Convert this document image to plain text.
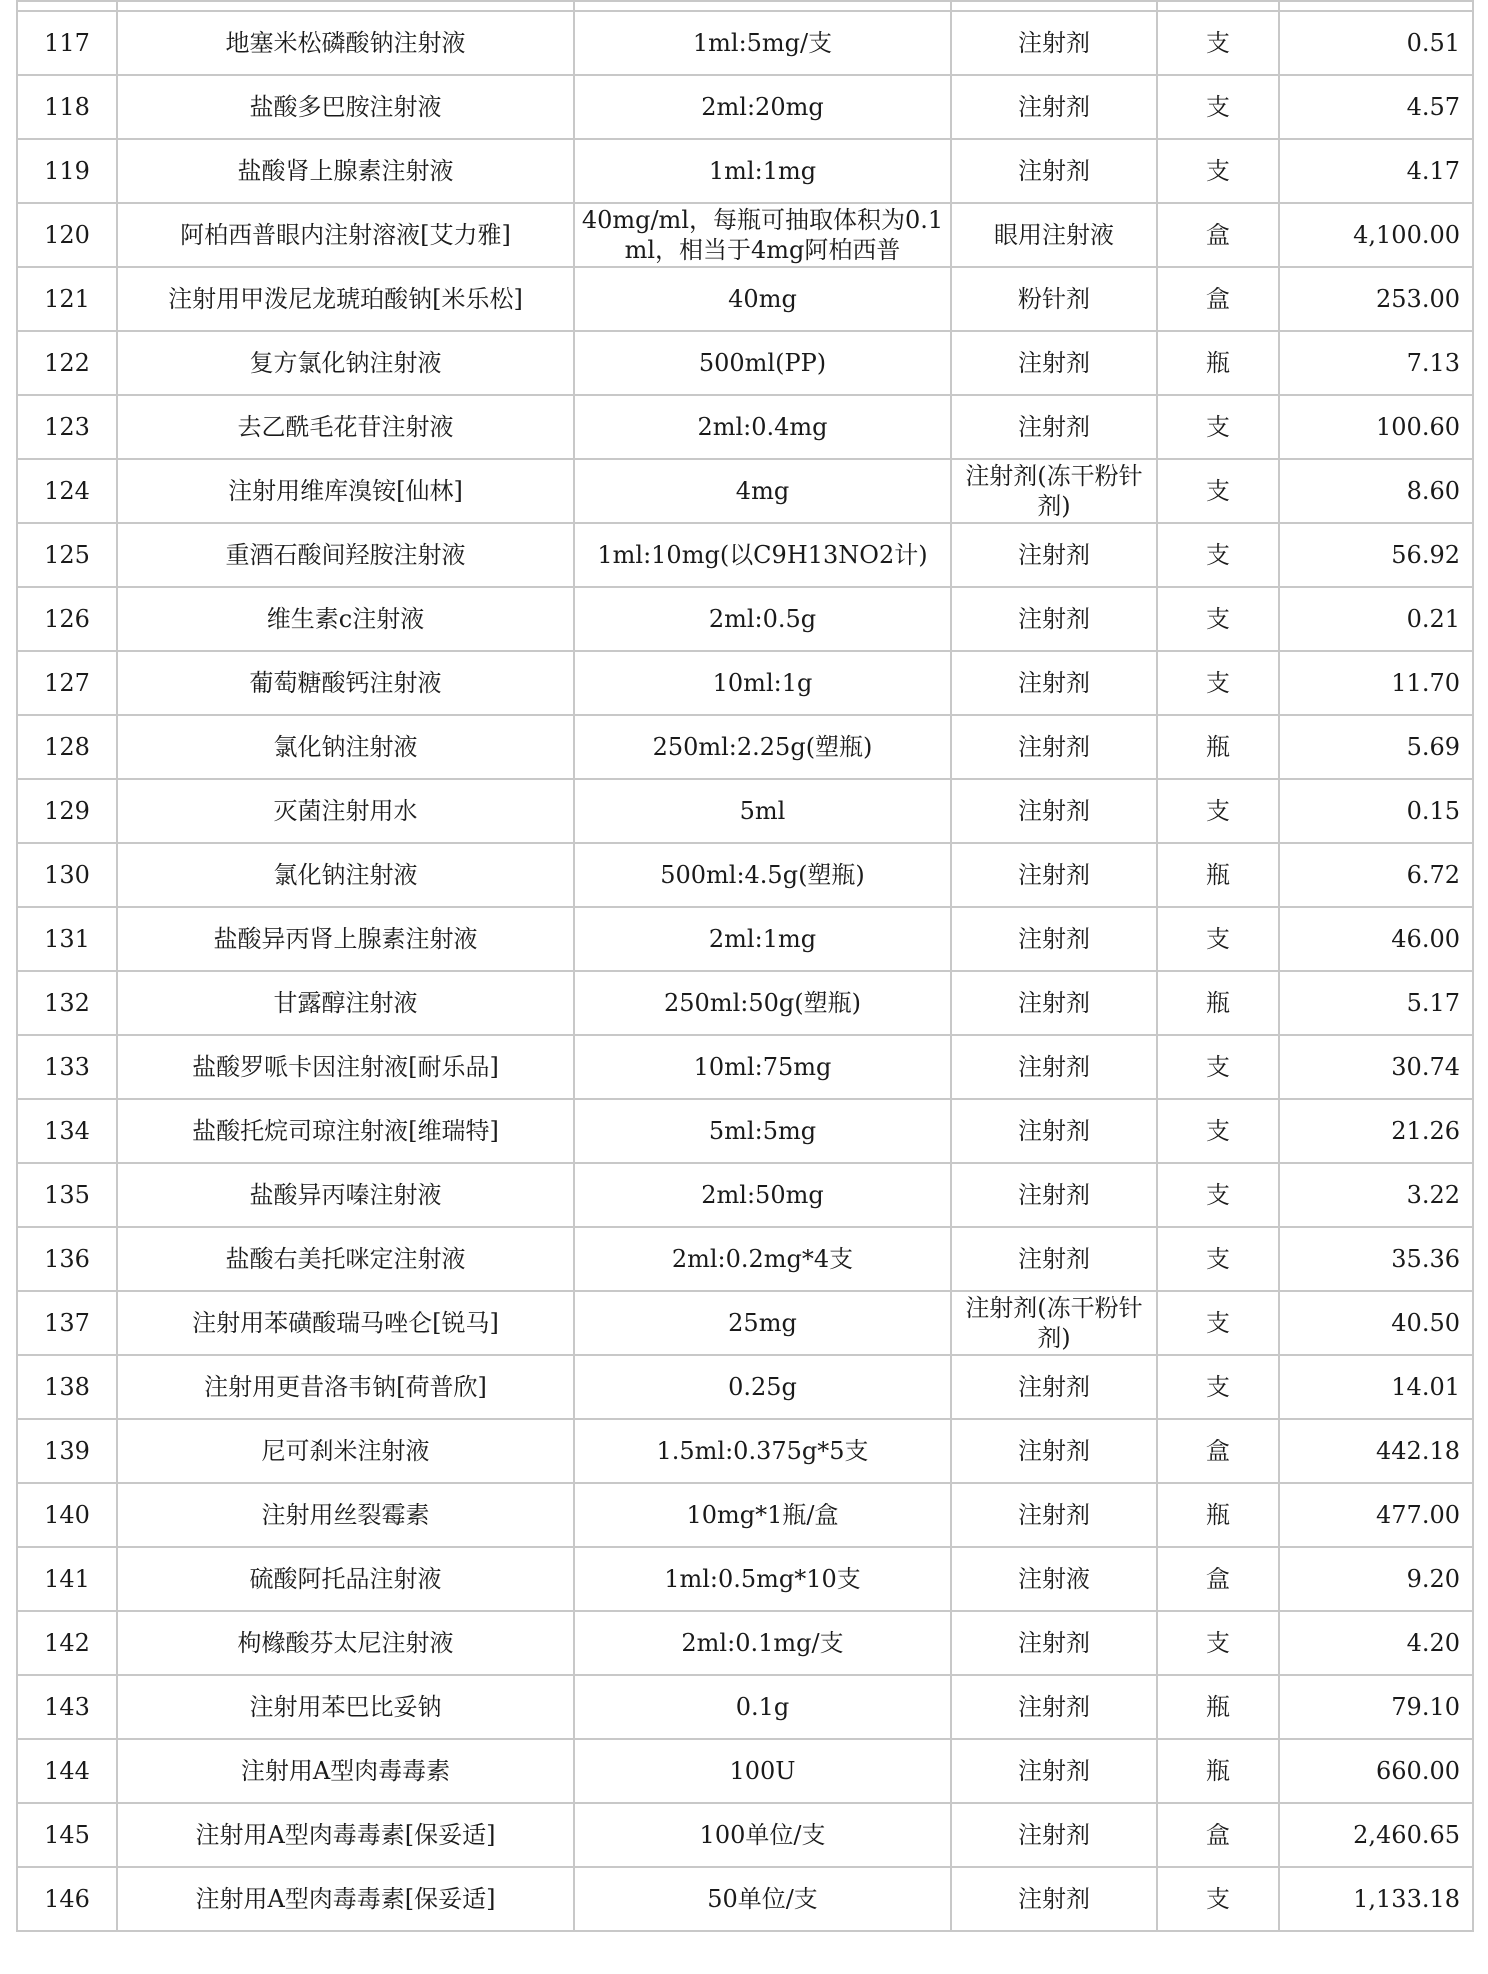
117	地塞米松磷酸钠注射液	1ml:5mg/支	注射剂	支	0.51
118	盐酸多巴胺注射液	2ml:20mg	注射剂	支	4.57
119	盐酸肾上腺素注射液	1ml:1mg	注射剂	支	4.17
120	阿柏西普眼内注射溶液[艾力雅]	40mg/ml，每瓶可抽取体积为0.1ml，相当于4mg阿柏西普	眼用注射液	盒	4,100.00
121	注射用甲泼尼龙琥珀酸钠[米乐松]	40mg	粉针剂	盒	253.00
122	复方氯化钠注射液	500ml(PP)	注射剂	瓶	7.13
123	去乙酰毛花苷注射液	2ml:0.4mg	注射剂	支	100.60
124	注射用维库溴铵[仙林]	4mg	注射剂(冻干粉针剂)	支	8.60
125	重酒石酸间羟胺注射液	1ml:10mg(以C9H13NO2计)	注射剂	支	56.92
126	维生素c注射液	2ml:0.5g	注射剂	支	0.21
127	葡萄糖酸钙注射液	10ml:1g	注射剂	支	11.70
128	氯化钠注射液	250ml:2.25g(塑瓶)	注射剂	瓶	5.69
129	灭菌注射用水	5ml	注射剂	支	0.15
130	氯化钠注射液	500ml:4.5g(塑瓶)	注射剂	瓶	6.72
131	盐酸异丙肾上腺素注射液	2ml:1mg	注射剂	支	46.00
132	甘露醇注射液	250ml:50g(塑瓶)	注射剂	瓶	5.17
133	盐酸罗哌卡因注射液[耐乐品]	10ml:75mg	注射剂	支	30.74
134	盐酸托烷司琼注射液[维瑞特]	5ml:5mg	注射剂	支	21.26
135	盐酸异丙嗪注射液	2ml:50mg	注射剂	支	3.22
136	盐酸右美托咪定注射液	2ml:0.2mg*4支	注射剂	支	35.36
137	注射用苯磺酸瑞马唑仑[锐马]	25mg	注射剂(冻干粉针剂)	支	40.50
138	注射用更昔洛韦钠[荷普欣]	0.25g	注射剂	支	14.01
139	尼可刹米注射液	1.5ml:0.375g*5支	注射剂	盒	442.18
140	注射用丝裂霉素	10mg*1瓶/盒	注射剂	瓶	477.00
141	硫酸阿托品注射液	1ml:0.5mg*10支	注射液	盒	9.20
142	枸橼酸芬太尼注射液	2ml:0.1mg/支	注射剂	支	4.20
143	注射用苯巴比妥钠	0.1g	注射剂	瓶	79.10
144	注射用A型肉毒毒素	100U	注射剂	瓶	660.00
145	注射用A型肉毒毒素[保妥适]	100单位/支	注射剂	盒	2,460.65
146	注射用A型肉毒毒素[保妥适]	50单位/支	注射剂	支	1,133.18
